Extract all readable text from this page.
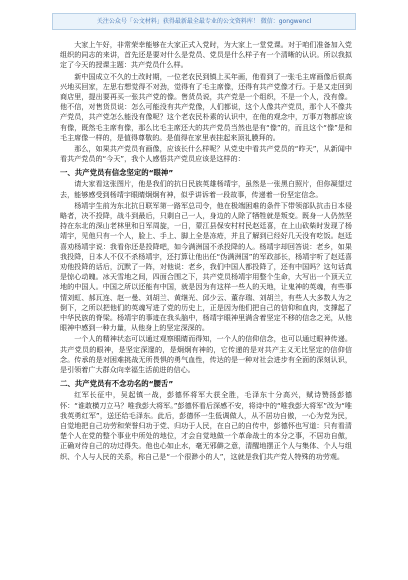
关注公众号「公文材料」获得最新最全最专业的公文资料库！ 微信：gongwencl

大家上午好，非常荣幸能够在大家正式入党时，为大家上一堂党课。对于咱们准备加入党组织的同志的来讲，首先还是要对什么是党员、党员是什么样子有一个清晰的认识。所以我拟定了今天的授课主题：共产党员什么样。

新中国成立不久的土改时期，一位老农民到镇上买年画，他看到了一张毛主席画像后很高兴地买回家，左思右想觉得不对劲，觉得有了毛主席像，还得有共产党像才行。于是又走回到商店里，提出要再买一张共产党的像。售货员说，共产党是一个组织，不是一个人，没有像。他不信，对售货员说：怎么可能没有共产党像，人们都说，这个人像共产党员，那个人不像共产党员，共产党怎么能没有像呢？这个老农民朴素的认识中，在他的观念中，万事万物都应该有像，既然毛主席有像，那么比毛主席还大的共产党员当然也是有“像”的，而且这个“像”是和毛主席像一样的，是值得尊敬的。是值得在家里表挂起来顶礼膜拜的。

那么，如果共产党员有画像，应该长什么样呢？从党史中看共产党员的“昨天”，从新闻中看共产党员的“今天”，我个人感悟共产党员应该是这样的：

一、共产党员有信念坚定的“眼神”

请大家看这张图片，他是我们的抗日民族英雄杨靖宇，虽然是一张黑白照片，但你凝望过去，能够感受到杨靖宇眼睛炯炯有神，似乎讲诉着一段故事，传递着一份坚定信念。

杨靖宇生前为东北抗日联军第一路军总司令，他在极端困难的条件下带领部队抗击日本侵略者，决不投降，战斗到最后，只剩自己一人，身边的人除了牺牲就是叛变。既身一人仍然坚持在东北的深山老林里和日军周旋，一日，蒙江县保安村村民赵廷喜，在上山砍柴时发现了杨靖宇，见他只有一个人，脸上、手上、脚上全是冻疮，并且了解到已经好几天没有吃饭。赵廷喜劝杨靖宇说：我看你还是投降吧，如今满洲国不杀投降的人。杨靖宇却回答说：老乡，如果我投降，日本人不仅不杀杨靖宇，还打算让他出任“伪满洲国”的军政部长，杨靖宇听了赵廷喜劝他投降的话后，沉默了一阵，对他说：老乡，我们中国人都投降了，还有中国吗？这句话真是惊心动魄。冰天雪地之间，四面合围之下，共产党员杨靖宇用整个生命，大写出一个顶天立地的中国人。中国之所以还能有中国，就是因为有这样一些人的天地，让鬼神的英魂，有些事情刘虹、郝瓦连、赵一曼、刘胡兰、黄继光、邱少云、董存瑞、刘胡兰，有些人大多数人为之倒下，之所以把他们的英魂写进了党的历史上，正是因为他们把自己的信仰和血肉，支撑起了中华民族的脊梁。杨靖宇的事迹在我头脑中，杨靖宇眼神里满含着坚定不移的信念之光，从他眼神中感到一种力量，从他身上的坚定深深的。

一个人的精神状态可以通过观察眼睛而得知，一个人的信仰信念，也可以通过眼神传递。共产党员的眼神，是坚定深邃的，是炯炯有神的，它传递的是对共产主义无比坚定的信仰信念。传承的是对困难挑战无所畏惧的勇气血性，传达的是一种对社会进步有全面的深刻认识，是引领着广大群众向幸福生活前进的信心。

二、共产党员有不念功名的“腰舌”

红军长征中，吴起镇一战，彭德怀将军大获全胜，毛泽东十分高兴，赋诗赞扬彭德怀：“谁敢横刀立马？唯我彭大将军。”彭德怀看后深感不安，将诗中的“唯我彭大将军”改为“唯我英勇红军”，送还给毛泽东。此后，彭德怀一生低调做人，从不居功自傲，一心为党为民，自觉地把自己功劳和荣誉归功于党、归功于人民，在自己的自传中，彭德怀也写道：只有看清楚个人在党的整个事业中所处的地位，才会自觉地做一个革命战士的本分之事，不居功自傲，正确对待自己的功过得失。他也心如止水，毫无邪僻之意，清醒地摆正个人与集体、个人与组织、个人与人民的关系，称自己是“一个很渺小的人”，这就是我们共产党人特殊的功劳观。
